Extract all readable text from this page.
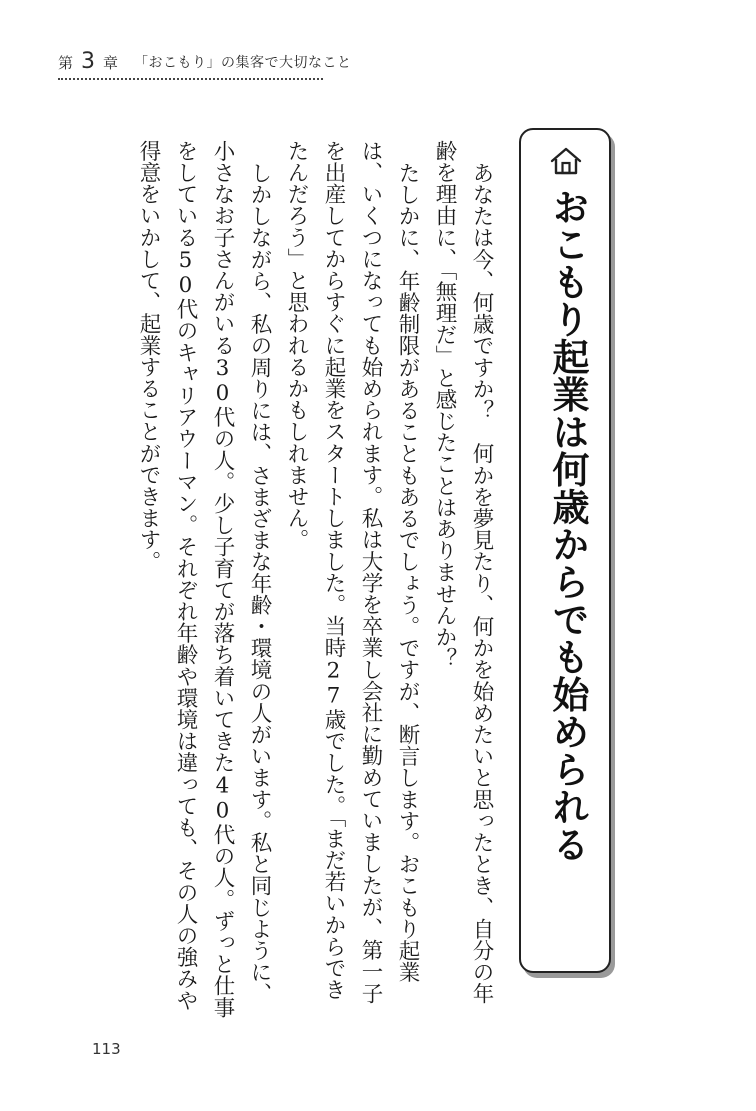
第 3 章 「おこもり」の集客で大切なこと
おこもり起業は何歳からでも始められる

あなたは今、何歳ですか？　何かを夢見たり、何かを始めたいと思ったとき、自分の年齢を理由に、「無理だ」と感じたことはありませんか？

たしかに、年齢制限があることもあるでしょう。ですが、断言します。おこもり起業は、いくつになっても始められます。私は大学を卒業し会社に勤めていましたが、第一子を出産してからすぐに起業をスタートしました。当時27歳でした。「まだ若いからできたんだろう」と思われるかもしれません。

しかしながら、私の周りには、さまざまな年齢・環境の人がいます。私と同じように、小さなお子さんがいる30代の人。少し子育てが落ち着いてきた40代の人。ずっと仕事をしている50代のキャリアウーマン。それぞれ年齢や環境は違っても、その人の強みや得意をいかして、起業することができます。

113
